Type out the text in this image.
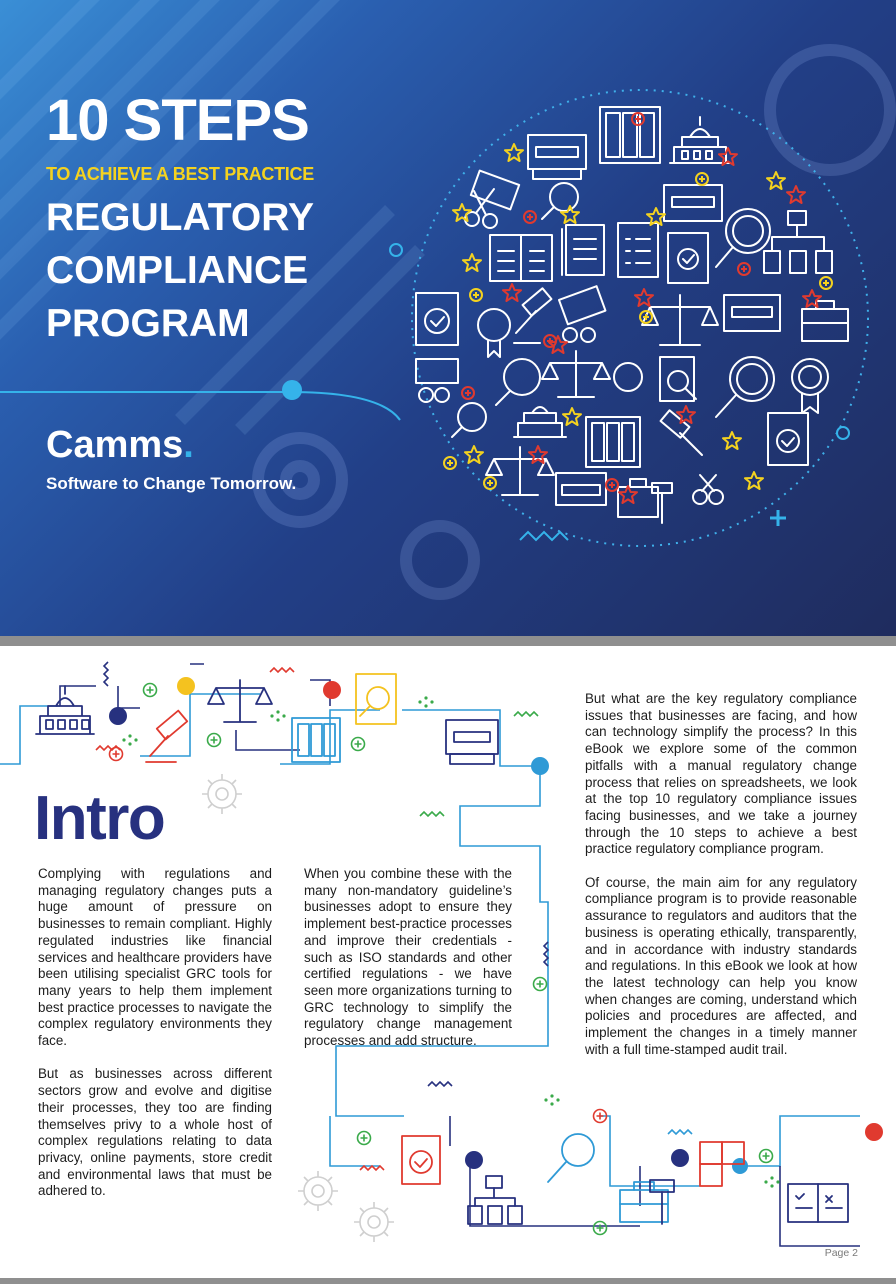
10 STEPS
TO ACHIEVE A BEST PRACTICE
REGULATORY
COMPLIANCE
PROGRAM
Camms.
Software to Change Tomorrow.
Intro

Complying with regulations and managing regulatory changes puts a huge amount of pressure on businesses to remain compliant. Highly regulated industries like financial services and healthcare providers have been utilising specialist GRC tools for many years to help them implement best practice processes to navigate the complex regulatory environments they face.

But as businesses across different sectors grow and evolve and digitise their processes, they too are finding themselves privy to a whole host of complex regulations relating to data privacy, online payments, store credit and environmental laws that must be adhered to.

When you combine these with the many non-mandatory guideline’s businesses adopt to ensure they implement best-practice processes and improve their credentials - such as ISO standards and other certified regulations - we have seen more organizations turning to GRC technology to simplify the regulatory change management processes and add structure.

But what are the key regulatory compliance issues that businesses are facing, and how can technology simplify the process? In this eBook we explore some of the common pitfalls with a manual regulatory change process that relies on spreadsheets, we look at the top 10 regulatory compliance issues facing businesses, and we take a journey through the 10 steps to achieve a best practice regulatory compliance program.

Of course, the main aim for any regulatory compliance program is to provide reasonable assurance to regulators and auditors that the business is operating ethically, transparently, and in accordance with industry standards and regulations. In this eBook we look at how the latest technology can help you know when changes are coming, understand which policies and procedures are affected, and implement the changes in a timely manner with a full time-stamped audit trail.

Page 2
